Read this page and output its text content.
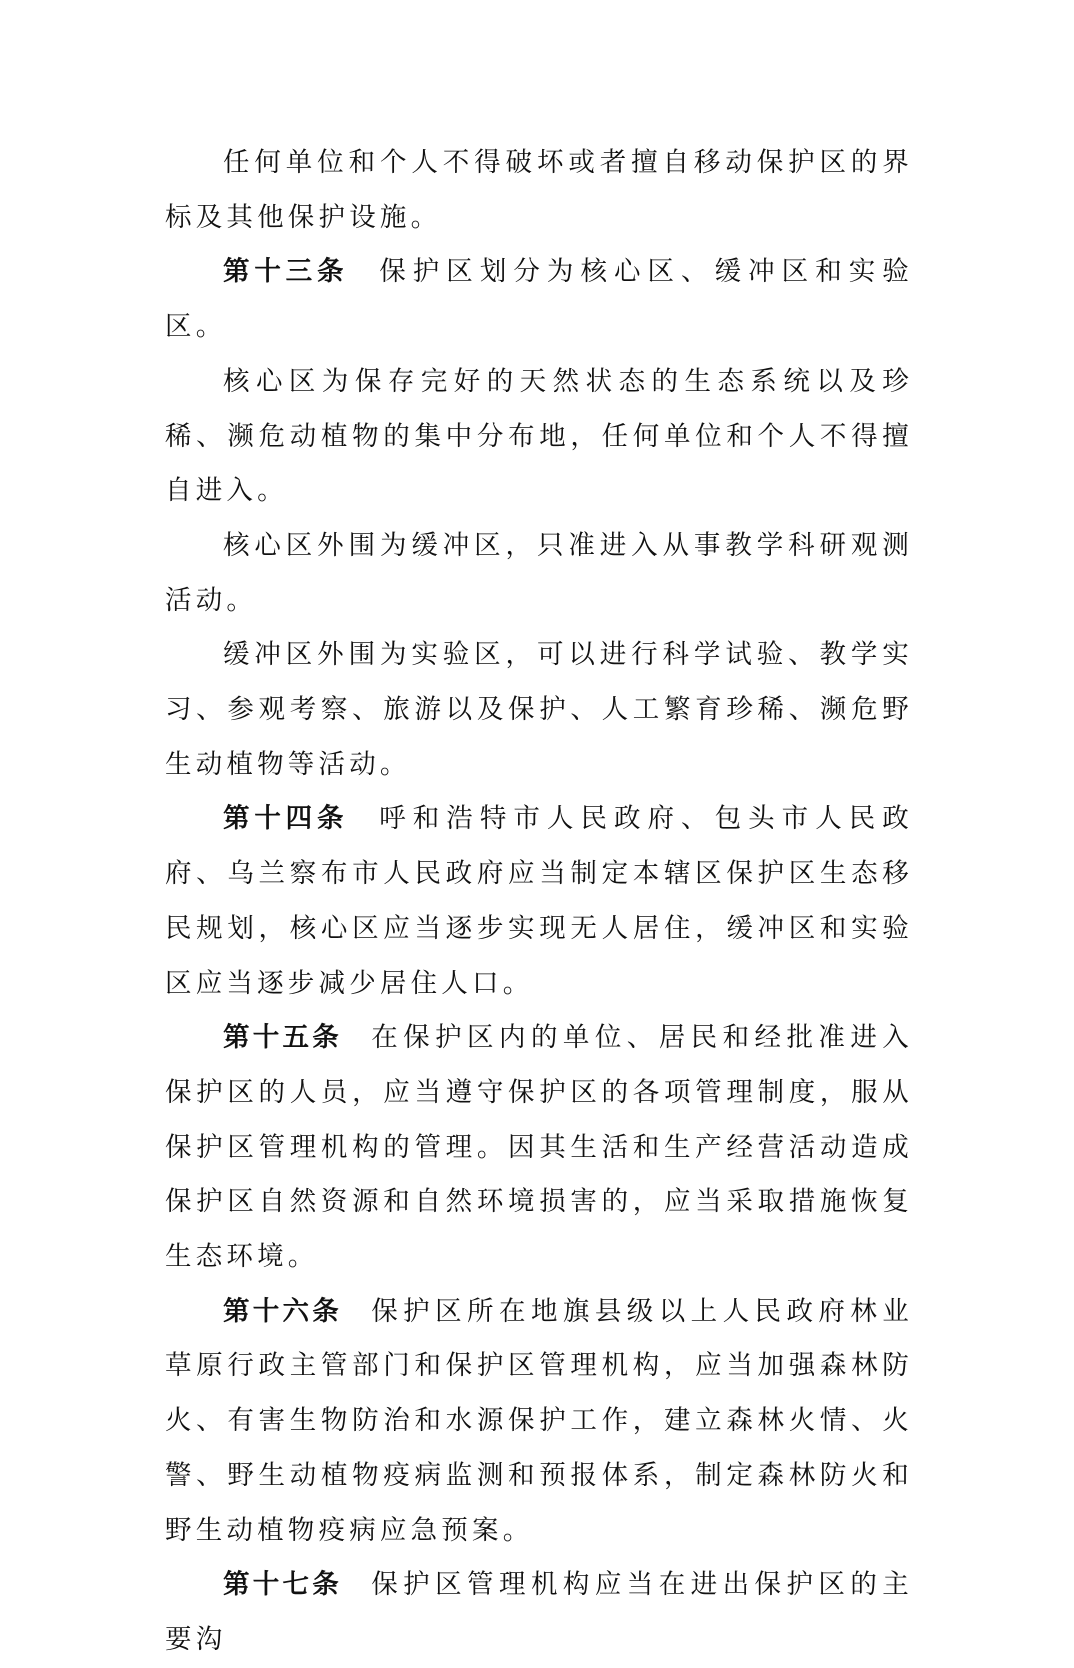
任何单位和个人不得破坏或者擅自移动保护区的界标及其他保护设施。

第十三条 保护区划分为核心区、缓冲区和实验区。

核心区为保存完好的天然状态的生态系统以及珍稀、濒危动植物的集中分布地，任何单位和个人不得擅自进入。

核心区外围为缓冲区，只准进入从事教学科研观测活动。

缓冲区外围为实验区，可以进行科学试验、教学实习、参观考察、旅游以及保护、人工繁育珍稀、濒危野生动植物等活动。

第十四条 呼和浩特市人民政府、包头市人民政府、乌兰察布市人民政府应当制定本辖区保护区生态移民规划，核心区应当逐步实现无人居住，缓冲区和实验区应当逐步减少居住人口。

第十五条 在保护区内的单位、居民和经批准进入保护区的人员，应当遵守保护区的各项管理制度，服从保护区管理机构的管理。因其生活和生产经营活动造成保护区自然资源和自然环境损害的，应当采取措施恢复生态环境。

第十六条 保护区所在地旗县级以上人民政府林业草原行政主管部门和保护区管理机构，应当加强森林防火、有害生物防治和水源保护工作，建立森林火情、火警、野生动植物疫病监测和预报体系，制定森林防火和野生动植物疫病应急预案。

第十七条 保护区管理机构应当在进出保护区的主要沟
